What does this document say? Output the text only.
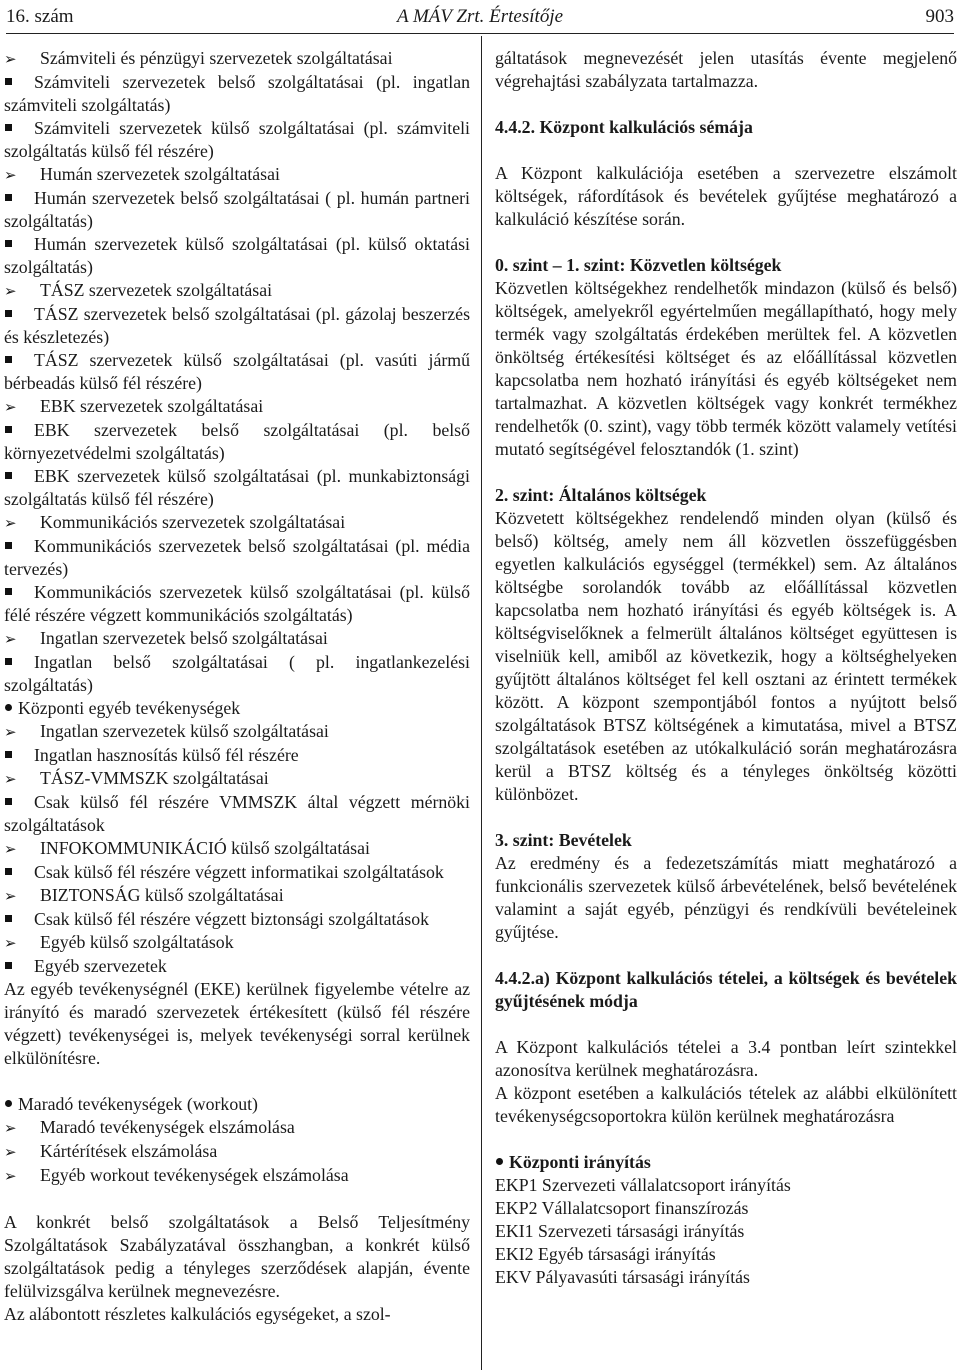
16. szám	A MÁV Zrt. Értesítője	903

➢ Számviteli és pénzügyi szervezetek szolgáltatásai

Számviteli szervezetek belső szolgáltatásai (pl. ingatlan számviteli szolgáltatás)

Számviteli szervezetek külső szolgáltatásai (pl. számviteli szolgáltatás külső fél részére)

➢ Humán szervezetek szolgáltatásai

Humán szervezetek belső szolgáltatásai ( pl. humán partneri szolgáltatás)

Humán szervezetek külső szolgáltatásai (pl. külső oktatási szolgáltatás)

➢ TÁSZ szervezetek szolgáltatásai

TÁSZ szervezetek belső szolgáltatásai (pl. gázolaj beszerzés és készletezés)

TÁSZ szervezetek külső szolgáltatásai (pl. vasúti jármű bérbeadás külső fél részére)

➢ EBK szervezetek szolgáltatásai

EBK szervezetek belső szolgáltatásai (pl. belső környezetvédelmi szolgáltatás)

EBK szervezetek külső szolgáltatásai (pl. munkabiztonsági szolgáltatás külső fél részére)

➢ Kommunikációs szervezetek szolgáltatásai

Kommunikációs szervezetek belső szolgáltatásai (pl. média tervezés)

Kommunikációs szervezetek külső szolgáltatásai (pl. külső félé részére végzett kommunikációs szolgáltatás)

➢ Ingatlan szervezetek belső szolgáltatásai

Ingatlan belső szolgáltatásai ( pl. ingatlankezelési szolgáltatás)

Központi egyéb tevékenységek

➢ Ingatlan szervezetek külső szolgáltatásai

Ingatlan hasznosítás külső fél részére

➢ TÁSZ-VMMSZK szolgáltatásai

Csak külső fél részére VMMSZK által végzett mérnöki szolgáltatások

➢ INFOKOMMUNIKÁCIÓ külső szolgáltatásai

Csak külső fél részére végzett informatikai szolgáltatások

➢ BIZTONSÁG külső szolgáltatásai

Csak külső fél részére végzett biztonsági szolgáltatások

➢ Egyéb külső szolgáltatások

Egyéb szervezetek

Az egyéb tevékenységnél (EKE) kerülnek figyelembe vételre az irányító és maradó szervezetek értékesített (külső fél részére végzett) tevékenységei is, melyek tevékenységi sorral kerülnek elkülönítésre.

Maradó tevékenységek (workout)

➢ Maradó tevékenységek elszámolása

➢ Kártérítések elszámolása

➢ Egyéb workout tevékenységek elszámolása

A konkrét belső szolgáltatások a Belső Teljesítmény Szolgáltatások Szabályzatával összhangban, a konkrét külső szolgáltatások pedig a tényleges szerződések alapján, évente felülvizsgálva kerülnek megnevezésre.

Az alábontott részletes kalkulációs egységeket, a szol-

gáltatások megnevezését jelen utasítás évente megjelenő végrehajtási szabályzata tartalmazza.

4.4.2. Központ kalkulációs sémája

A Központ kalkulációja esetében a szervezetre elszámolt költségek, ráfordítások és bevételek gyűjtése meghatározó a kalkuláció készítése során.

0. szint – 1. szint: Közvetlen költségek

Közvetlen költségekhez rendelhetők mindazon (külső és belső) költségek, amelyekről egyértelműen megállapítható, hogy mely termék vagy szolgáltatás érdekében merültek fel. A közvetlen önköltség értékesítési költséget és az előállítással közvetlen kapcsolatba nem hozható irányítási és egyéb költségeket nem tartalmazhat. A közvetlen költségek vagy konkrét termékhez rendelhetők (0. szint), vagy több termék között valamely vetítési mutató segítségével felosztandók (1. szint)

2. szint: Általános költségek

Közvetett költségekhez rendelendő minden olyan (külső és belső) költség, amely nem áll közvetlen összefüggésben egyetlen kalkulációs egységgel (termékkel) sem. Az általános költségbe sorolandók tovább az előállítással közvetlen kapcsolatba nem hozható irányítási és egyéb költségek is. A költségviselőknek a felmerült általános költséget együttesen is viselniük kell, amiből az következik, hogy a költséghelyeken gyűjtött általános költséget fel kell osztani az érintett termékek között. A központ szempontjából fontos a nyújtott belső szolgáltatások BTSZ költségének a kimutatása, mivel a BTSZ szolgáltatások esetében az utókalkuláció során meghatározásra kerül a BTSZ költség és a tényleges önköltség közötti különbözet.

3. szint: Bevételek

Az eredmény és a fedezetszámítás miatt meghatározó a funkcionális szervezetek külső árbevételének, belső bevételének valamint a saját egyéb, pénzügyi és rendkívüli bevételeinek gyűjtése.

4.4.2.a) Központ kalkulációs tételei, a költségek és bevételek gyűjtésének módja

A Központ kalkulációs tételei a 3.4 pontban leírt szintekkel azonosítva kerülnek meghatározásra.

A központ esetében a kalkulációs tételek az alábbi elkülönített tevékenységcsoportokra külön kerülnek meghatározásra

Központi irányítás

EKP1 Szervezeti vállalatcsoport irányítás

EKP2 Vállalatcsoport finanszírozás

EKI1 Szervezeti társasági irányítás

EKI2 Egyéb társasági irányítás

EKV Pályavasúti társasági irányítás
